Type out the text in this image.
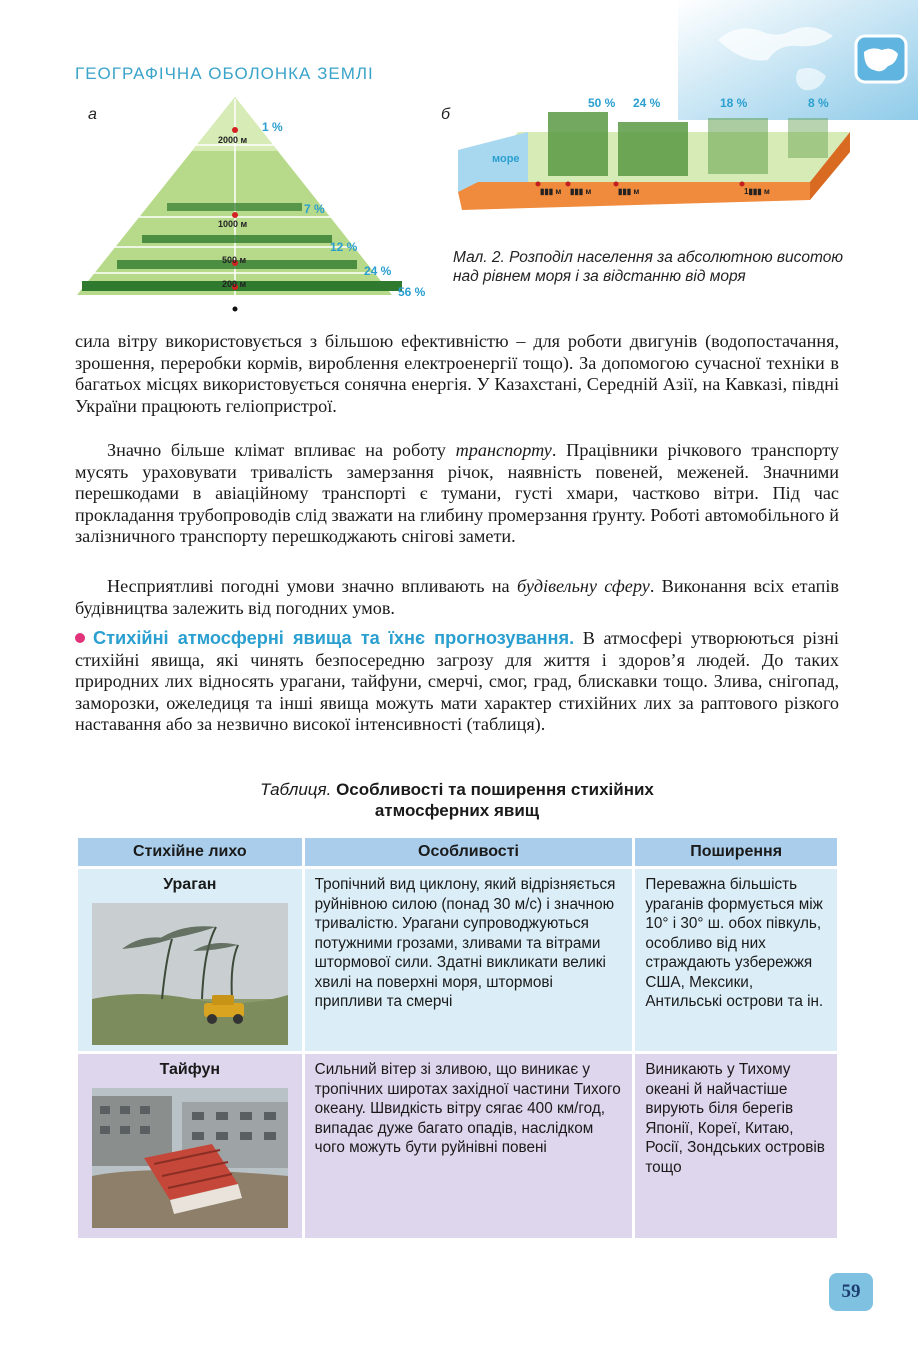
ГЕОГРАФІЧНА ОБОЛОНКА ЗЕМЛІ
а
2000 м
1000 м
500 м
200 м
1 %
7 %
12 %
24 %
56 %
б
50 % 24 %	18 %	8 %
море
▮▮▮ м ▮▮▮ м	▮▮▮ м	1▮▮▮ м
Мал. 2. Розподіл населення за абсолютною висотою над рівнем моря і за відстанню від моря
сила вітру використовується з більшою ефективністю – для роботи двигунів (водопостачання, зрошення, переробки кормів, вироблення електроенергії тощо). За допомогою сучасної техніки в багатьох місцях використовується сонячна енергія. У Казахстані, Середній Азії, на Кавказі, півдні України працюють геліопристрої.
Значно більше клімат впливає на роботу транспорту. Працівники річкового транспорту мусять ураховувати тривалість замерзання річок, наявність повеней, меженей. Значними перешкодами в авіаційному транспорті є тумани, густі хмари, частково вітри. Під час прокладання трубопроводів слід зважати на глибину промерзання ґрунту. Роботі автомобільного й залізничного транспорту перешкоджають снігові замети.
Несприятливі погодні умови значно впливають на будівельну сферу. Виконання всіх етапів будівництва залежить від погодних умов.
Стихійні атмосферні явища та їхнє прогнозування. В атмосфері утворюються різні стихійні явища, які чинять безпосередню загрозу для життя і здоров’я людей. До таких природних лих відносять урагани, тайфуни, смерчі, смог, град, блискавки тощо. Злива, снігопад, заморозки, ожеледиця та інші явища можуть мати характер стихійних лих за раптового різкого наставання або за незвично високої інтенсивності (таблиця).
Таблиця. Особливості та поширення стихійних
атмосферних явищ
Стихійне лихо	Особливості	Поширення
Ураган	Тропічний вид циклону, який відрізняється руйнівною силою (понад 30 м/с) і значною тривалістю. Урагани супроводжуються потужними грозами, зливами та вітрами штормової сили. Здатні викликати великі хвилі на поверхні моря, штормові припливи та смерчі	Переважна більшість ураганів формується між 10° і 30° ш. обох півкуль, особливо від них страждають узбережжя США, Мексики, Антильські острови та ін.
Тайфун	Сильний вітер зі зливою, що виникає у тропічних широтах західної частини Тихого океану. Швидкість вітру сягає 400 км/год, випадає дуже багато опадів, наслідком чого можуть бути руйнівні повені	Виникають у Тихому океані й найчастіше вирують біля берегів Японії, Кореї, Китаю, Росії, Зондських островів тощо
59
